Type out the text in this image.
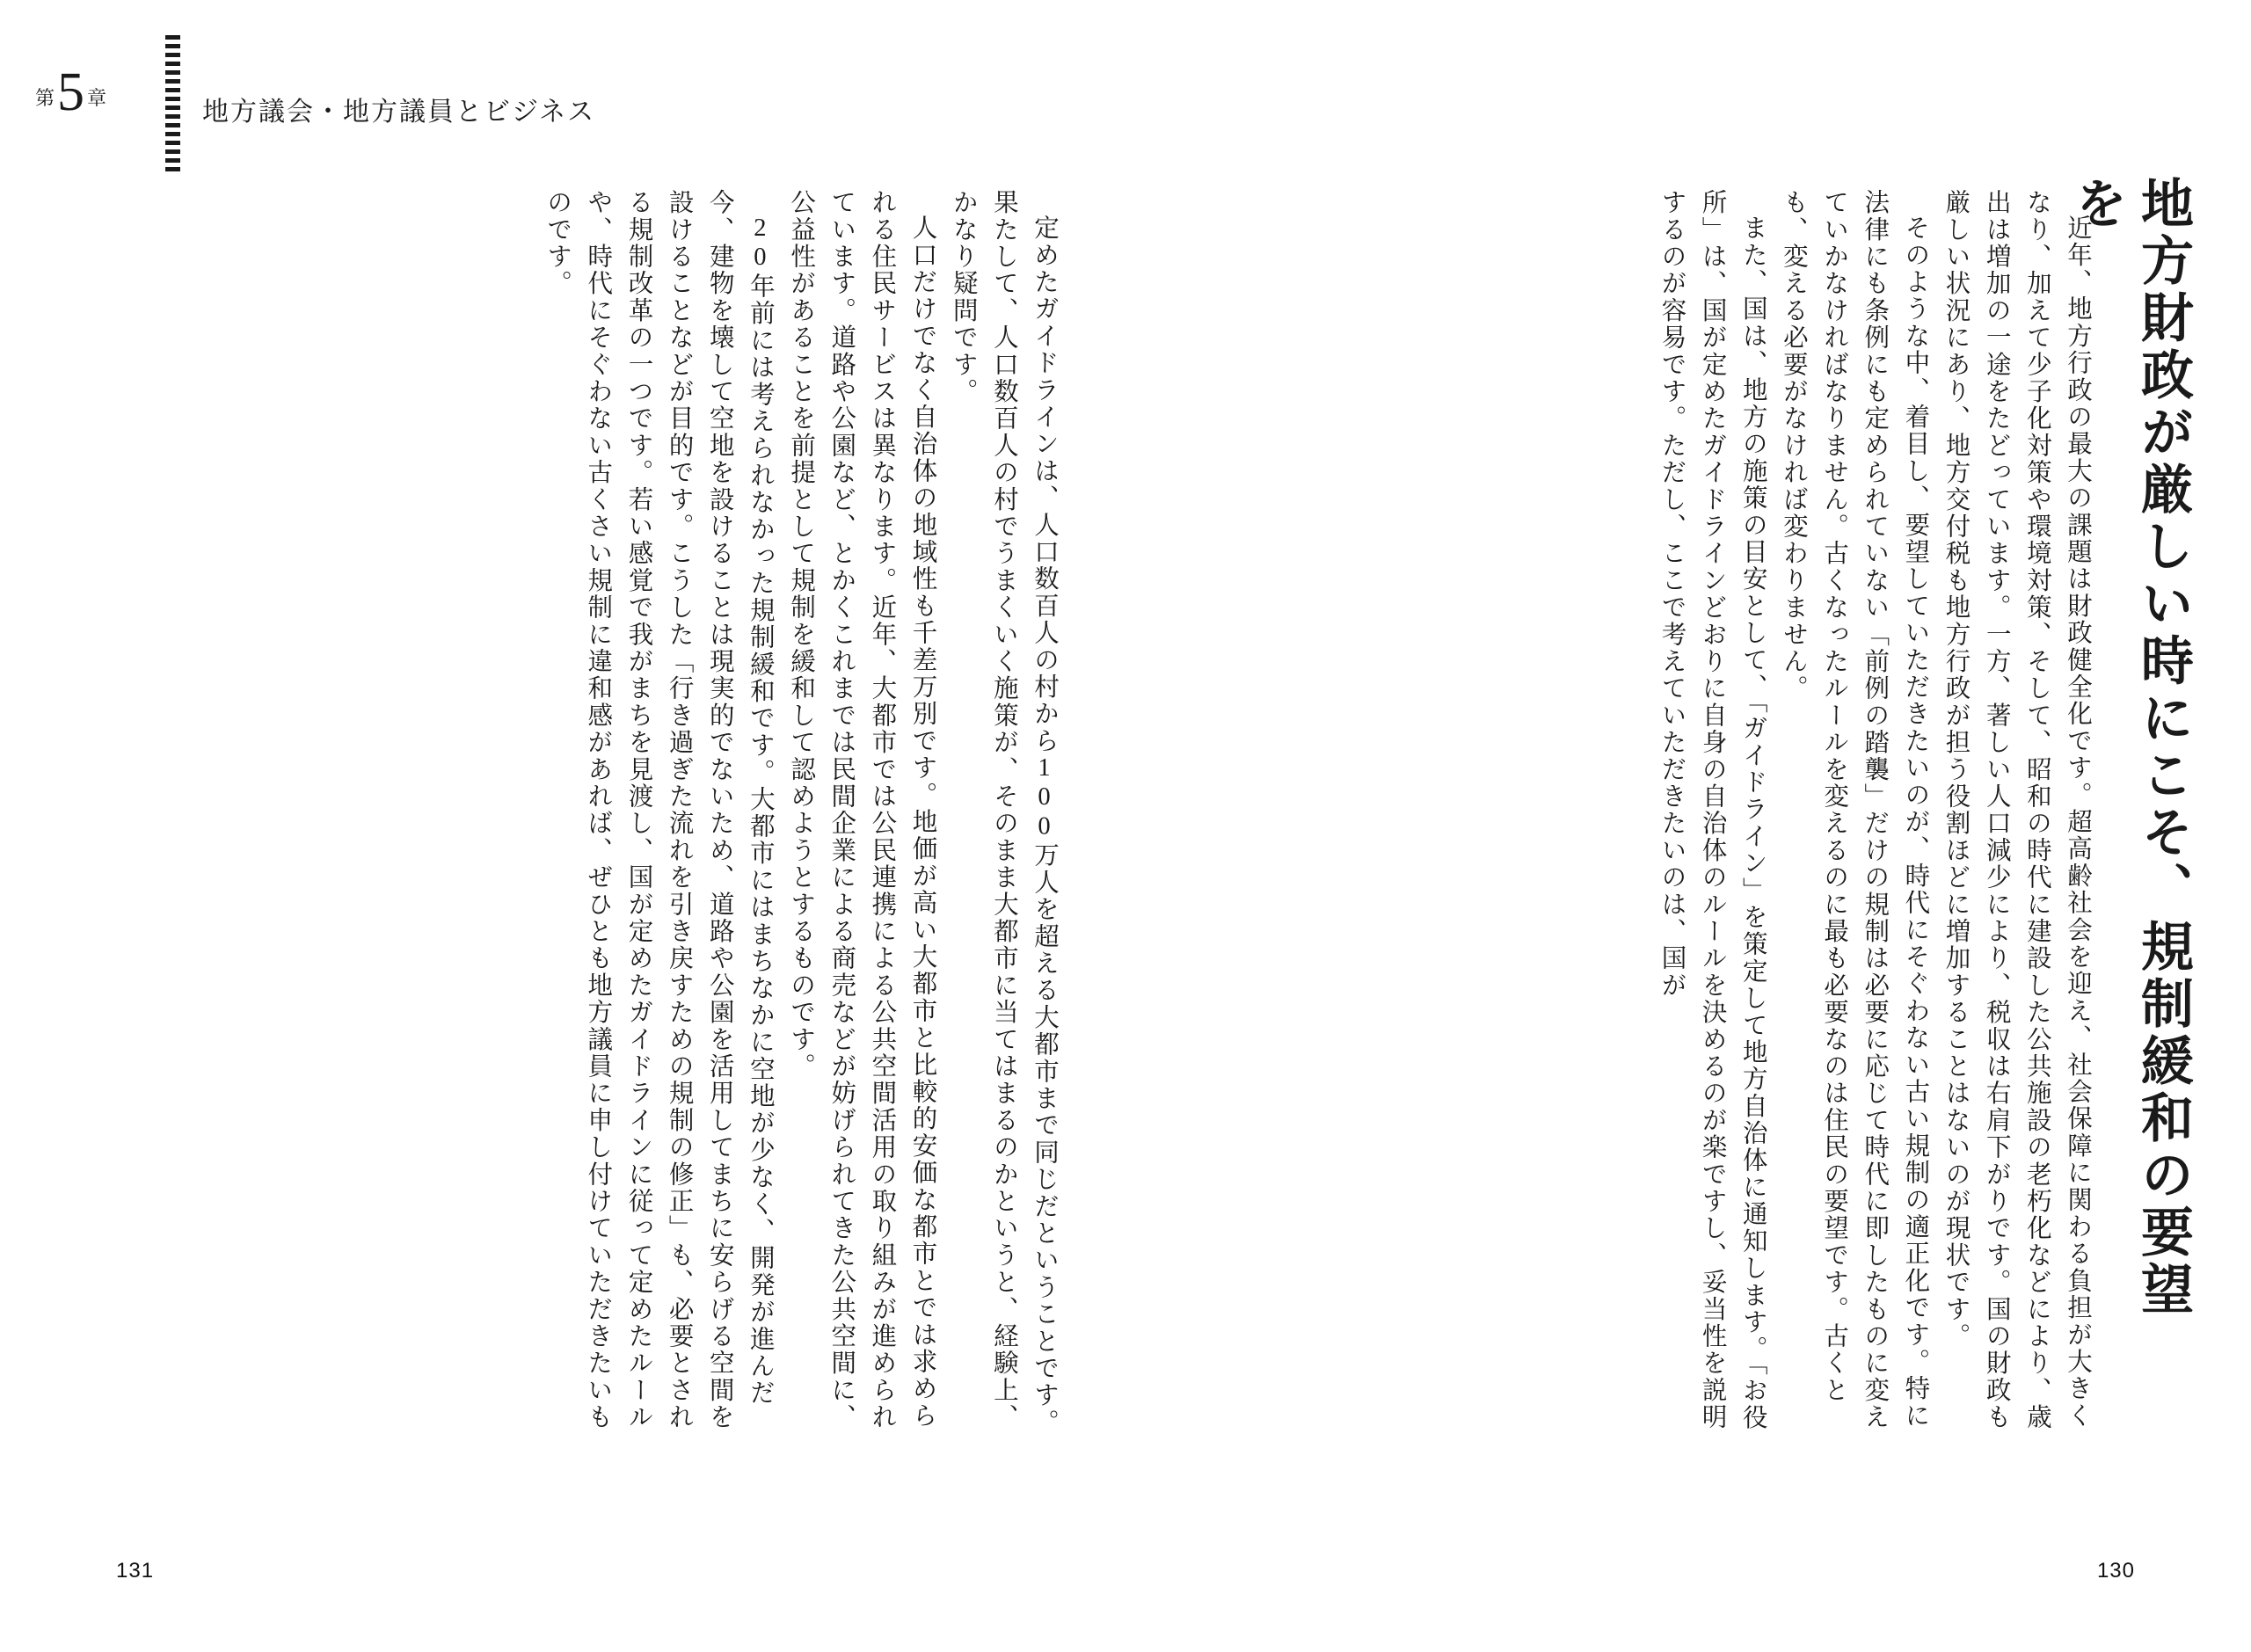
第 5 章	地方議会・地方議員とビジネス

定めたガイドラインは、人口数百人の村から100万人を超える大都市まで同じだということです。果たして、人口数百人の村でうまくいく施策が、そのまま大都市に当てはまるのかというと、経験上、かなり疑問です。

人口だけでなく自治体の地域性も千差万別です。地価が高い大都市と比較的安価な都市とでは求められる住民サービスは異なります。近年、大都市では公民連携による公共空間活用の取り組みが進められています。道路や公園など、とかくこれまでは民間企業による商売などが妨げられてきた公共空間に、公益性があることを前提として規制を緩和して認めようとするものです。

20年前には考えられなかった規制緩和です。大都市にはまちなかに空地が少なく、開発が進んだ今、建物を壊して空地を設けることは現実的でないため、道路や公園を活用してまちに安らげる空間を設けることなどが目的です。こうした「行き過ぎた流れを引き戻すための規制の修正」も、必要とされる規制改革の一つです。若い感覚で我がまちを見渡し、国が定めたガイドラインに従って定めたルールや、時代にそぐわない古くさい規制に違和感があれば、ぜひとも地方議員に申し付けていただきたいものです。

131
地方財政が厳しい時にこそ、規制緩和の要望を

近年、地方行政の最大の課題は財政健全化です。超高齢社会を迎え、社会保障に関わる負担が大きくなり、加えて少子化対策や環境対策、そして、昭和の時代に建設した公共施設の老朽化などにより、歳出は増加の一途をたどっています。一方、著しい人口減少により、税収は右肩下がりです。国の財政も厳しい状況にあり、地方交付税も地方行政が担う役割ほどに増加することはないのが現状です。

そのような中、着目し、要望していただきたいのが、時代にそぐわない古い規制の適正化です。特に法律にも条例にも定められていない「前例の踏襲」だけの規制は必要に応じて時代に即したものに変えていかなければなりません。古くなったルールを変えるのに最も必要なのは住民の要望です。古くとも、変える必要がなければ変わりません。

また、国は、地方の施策の目安として、「ガイドライン」を策定して地方自治体に通知します。「お役所」は、国が定めたガイドラインどおりに自身の自治体のルールを決めるのが楽ですし、妥当性を説明するのが容易です。ただし、ここで考えていただきたいのは、国が

130
